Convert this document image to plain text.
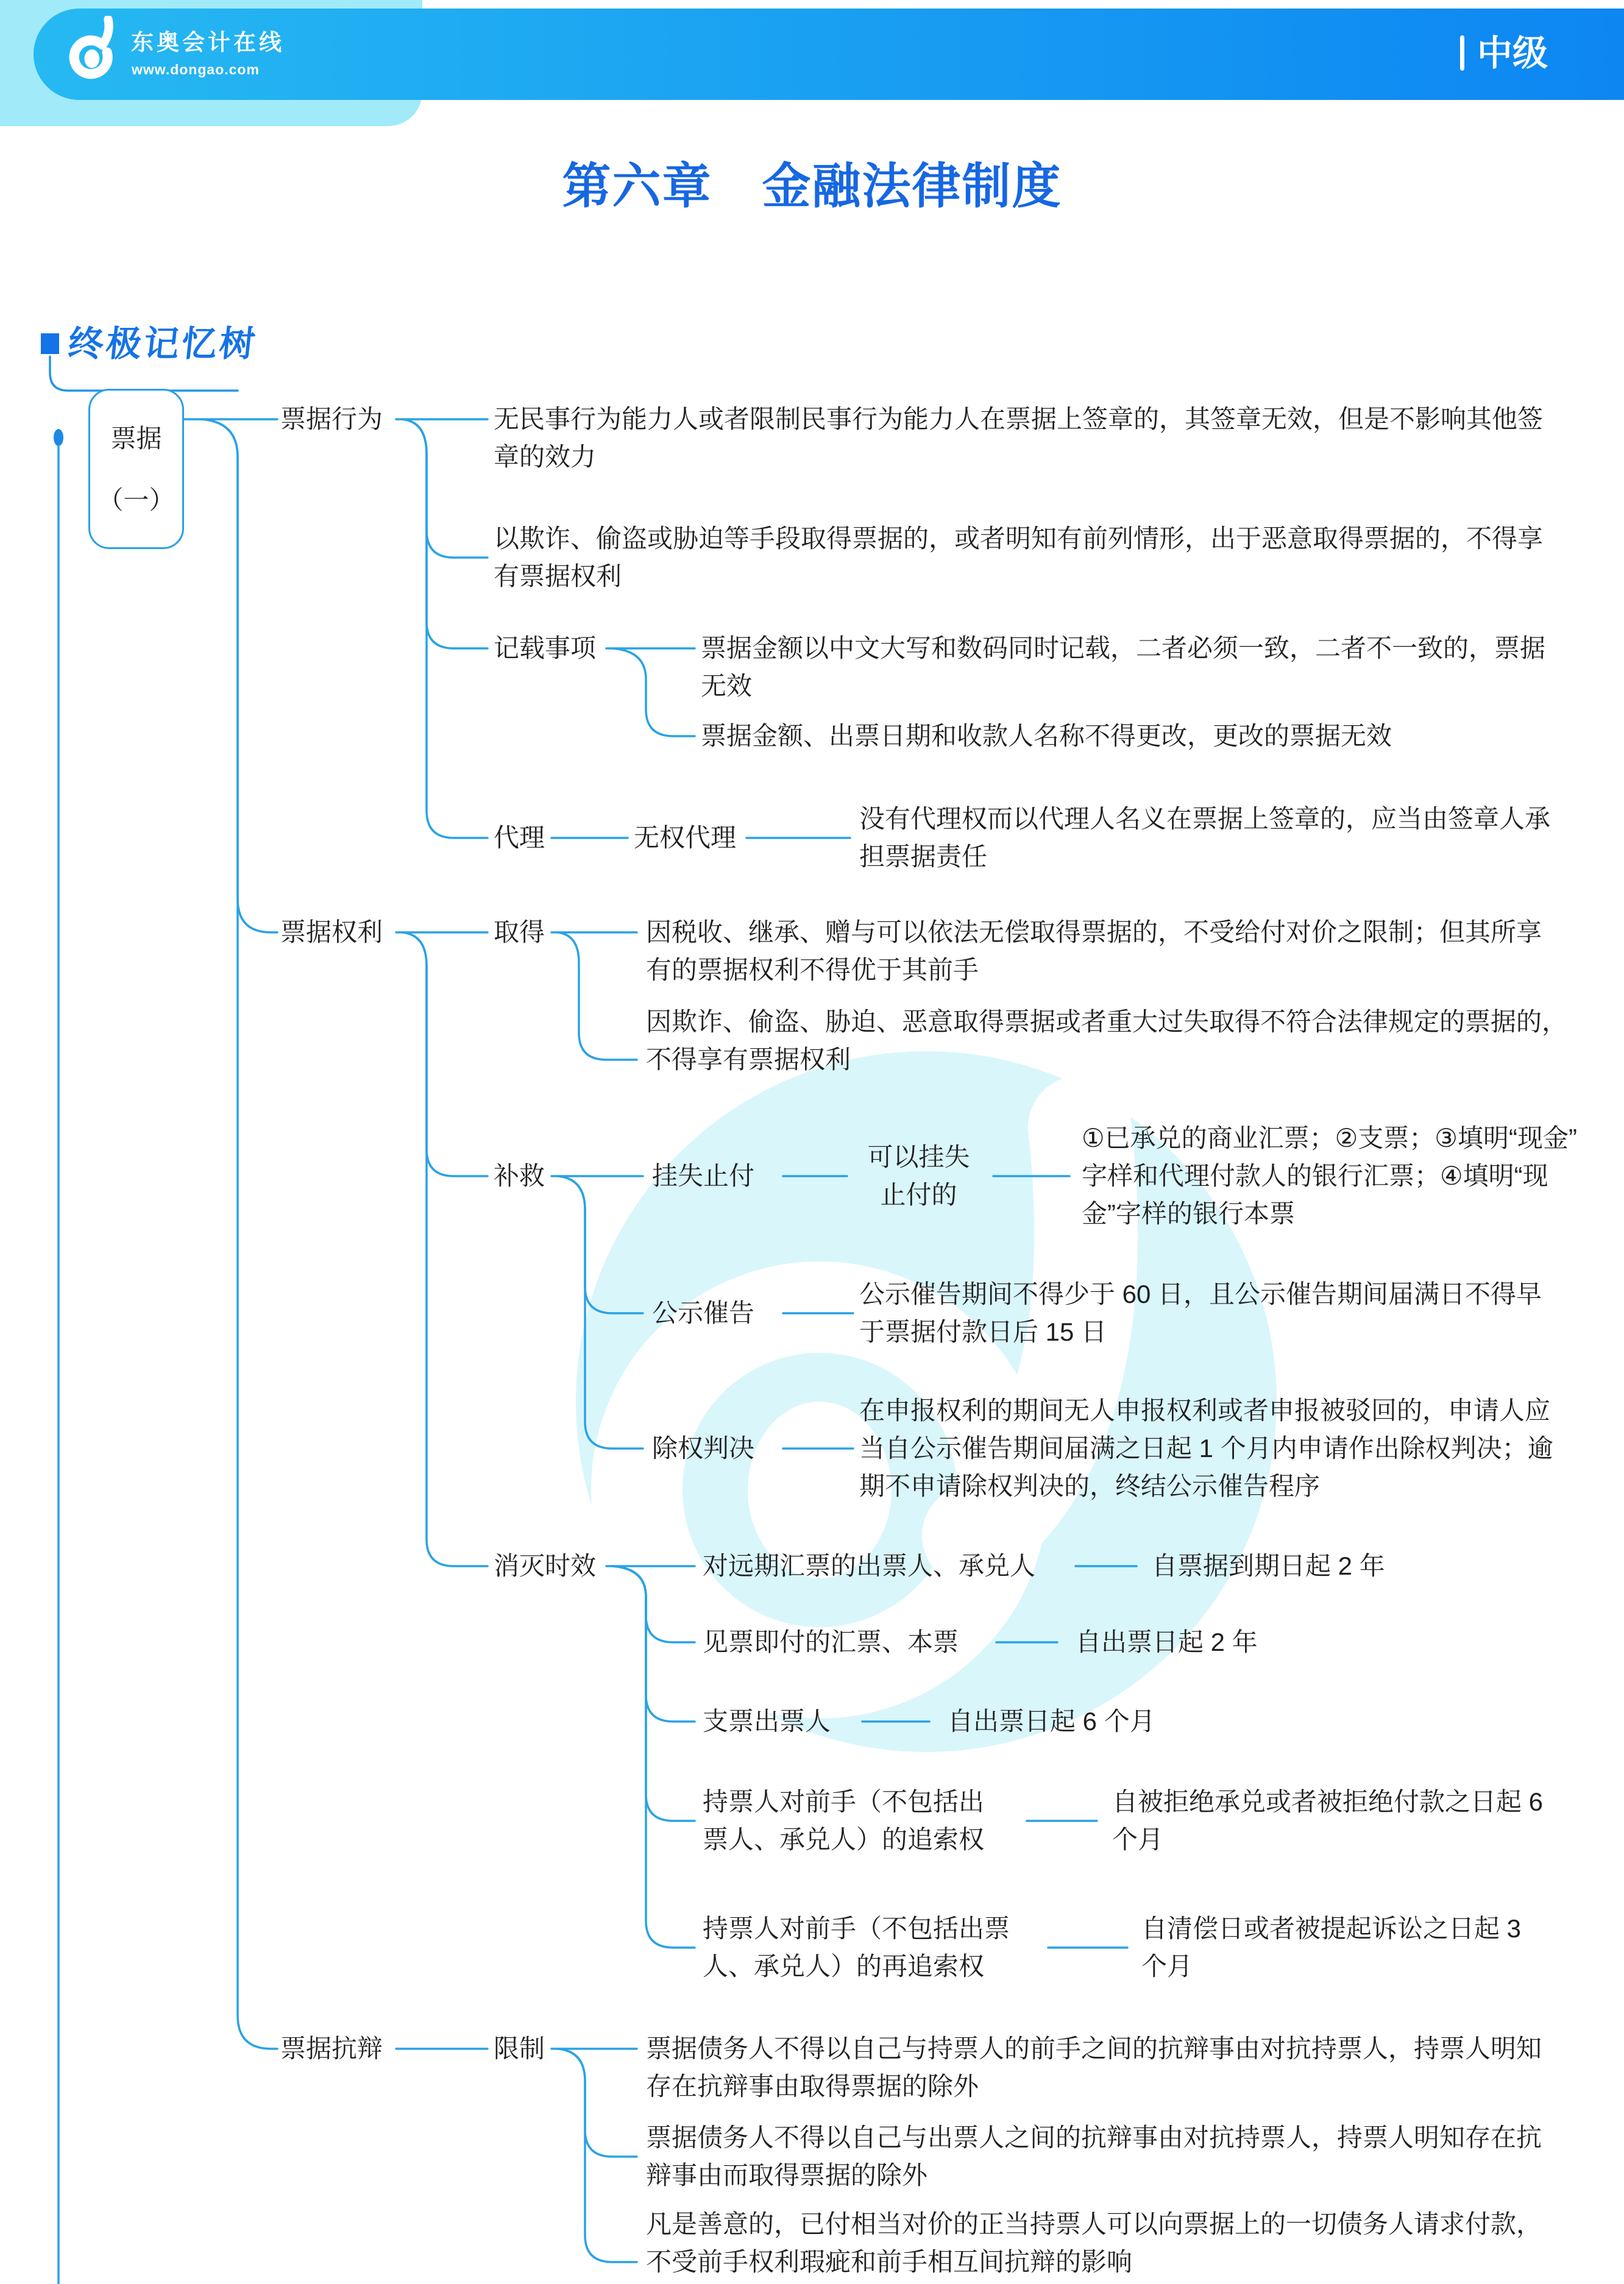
东奥会计在线
www.dongao.com	中级
第六章　金融法律制度
终极记忆树
票据
（一）
票据行为	无民事行为能力人或者限制民事行为能力人在票据上签章的，其签章无效，但是不影响其他签
章的效力
以欺诈、偷盗或胁迫等手段取得票据的，或者明知有前列情形，出于恶意取得票据的，不得享
有票据权利
记载事项	票据金额以中文大写和数码同时记载，二者必须一致，二者不一致的，票据
无效
票据金额、出票日期和收款人名称不得更改，更改的票据无效
代理	无权代理
没有代理权而以代理人名义在票据上签章的，应当由签章人承
担票据责任
票据权利	取得	因税收、继承、赠与可以依法无偿取得票据的，不受给付对价之限制；但其所享
有的票据权利不得优于其前手
因欺诈、偷盗、胁迫、恶意取得票据或者重大过失取得不符合法律规定的票据的，
不得享有票据权利
补救	挂失止付
可以挂失
止付的
①已承兑的商业汇票；②支票；③填明“现金”
字样和代理付款人的银行汇票；④填明“现
金”字样的银行本票
公示催告
公示催告期间不得少于 60 日，且公示催告期间届满日不得早
于票据付款日后 15 日
除权判决
在申报权利的期间无人申报权利或者申报被驳回的，申请人应
当自公示催告期间届满之日起 1 个月内申请作出除权判决；逾
期不申请除权判决的，终结公示催告程序
消灭时效	对远期汇票的出票人、承兑人	自票据到期日起 2 年
见票即付的汇票、本票	自出票日起 2 年
支票出票人	自出票日起 6 个月
持票人对前手（不包括出
票人、承兑人）的追索权
自被拒绝承兑或者被拒绝付款之日起 6
个月
持票人对前手（不包括出票
人、承兑人）的再追索权
自清偿日或者被提起诉讼之日起 3
个月
票据抗辩	限制	票据债务人不得以自己与持票人的前手之间的抗辩事由对抗持票人，持票人明知
存在抗辩事由取得票据的除外
票据债务人不得以自己与出票人之间的抗辩事由对抗持票人，持票人明知存在抗
辩事由而取得票据的除外
凡是善意的，已付相当对价的正当持票人可以向票据上的一切债务人请求付款，
不受前手权利瑕疵和前手相互间抗辩的影响
